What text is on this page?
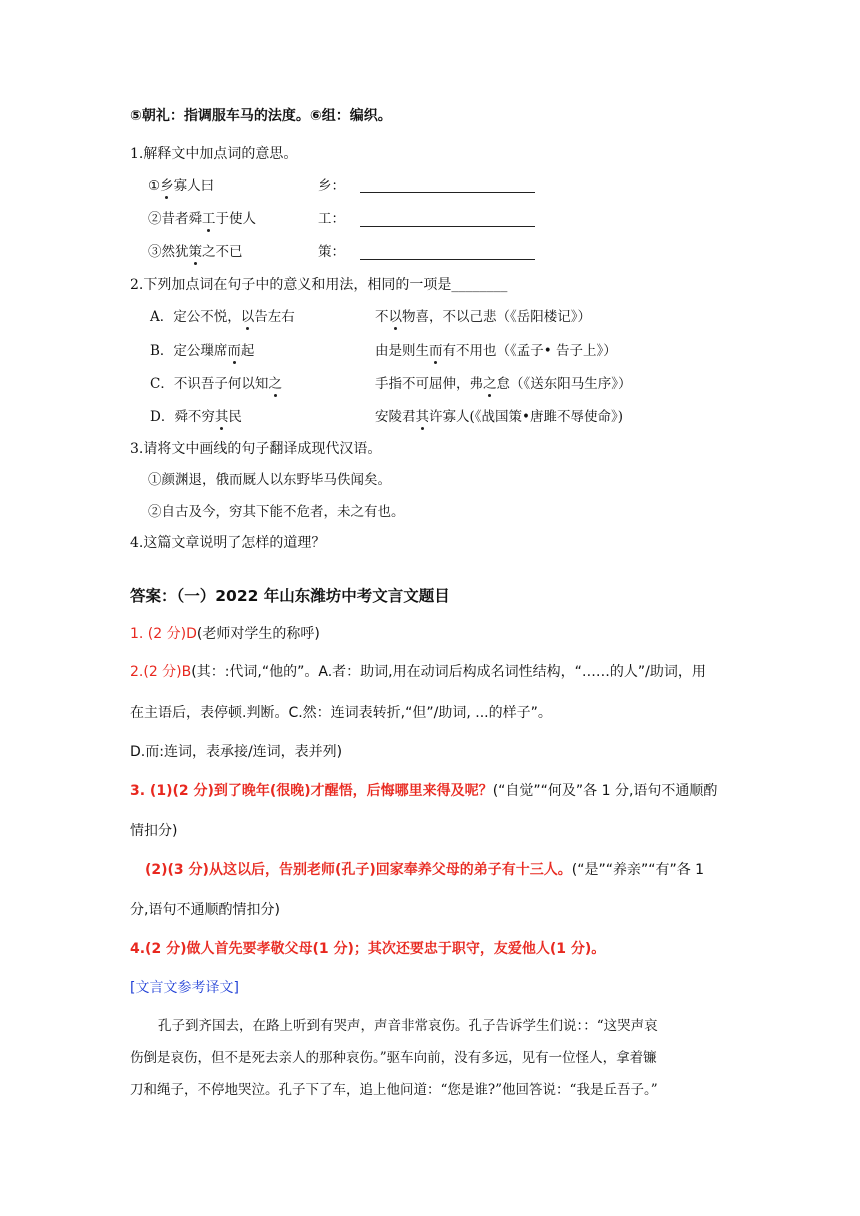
⑤朝礼：指调服车马的法度。⑥组：编织。
1.解释文中加点词的意思。
①乡寡人曰	乡：
②昔者舜工于使人	工：
③然犹策之不已	策：
2.下列加点词在句子中的意义和用法，相同的一项是________
A．定公不悦，以告左右	不以物喜，不以己悲（《岳阳楼记》）
B．定公璅席而起	由是则生而有不用也（《孟子• 告子上》）
C．不识吾子何以知之	手指不可屈伸，弗之怠（《送东阳马生序》）
D．舜不穷其民	安陵君其许寡人(《战国策•唐雎不辱使命》)
3.请将文中画线的句子翻译成现代汉语。
①颜渊退，俄而厩人以东野毕马佚闻矣。
②自古及今，穷其下能不危者，未之有也。
4.这篇文章说明了怎样的道理？
答案：（一）2022 年山东潍坊中考文言文题目
1. (2 分)D(老师对学生的称呼)
2.(2 分)B(其：:代词,“他的”。A.者：助词,用在动词后构成名词性结构，“……的人”/助词，用
在主语后，表停顿.判断。C.然：连词表转折,“但”/助词, ...的样子”。
D.而:连词，表承接/连词，表并列)
3. (1)(2 分)到了晚年(很晚)才醒悟，后悔哪里来得及呢？(“自觉”“何及”各 1 分,语句不通顺酌
情扣分)
(2)(3 分)从这以后，告别老师(孔子)回家奉养父母的弟子有十三人。(“是”“养亲”“有”各 1
分,语句不通顺酌情扣分)
4.(2 分)做人首先要孝敬父母(1 分)；其次还要忠于职守，友爱他人(1 分)。
[文言文参考译文]
孔子到齐国去，在路上听到有哭声，声音非常哀伤。孔子告诉学生们说：：“这哭声哀
伤倒是哀伤，但不是死去亲人的那种哀伤。”驱车向前，没有多远，见有一位怪人，拿着镰
刀和绳子，不停地哭泣。孔子下了车，追上他问道：“您是谁?”他回答说：“我是丘吾子。”
